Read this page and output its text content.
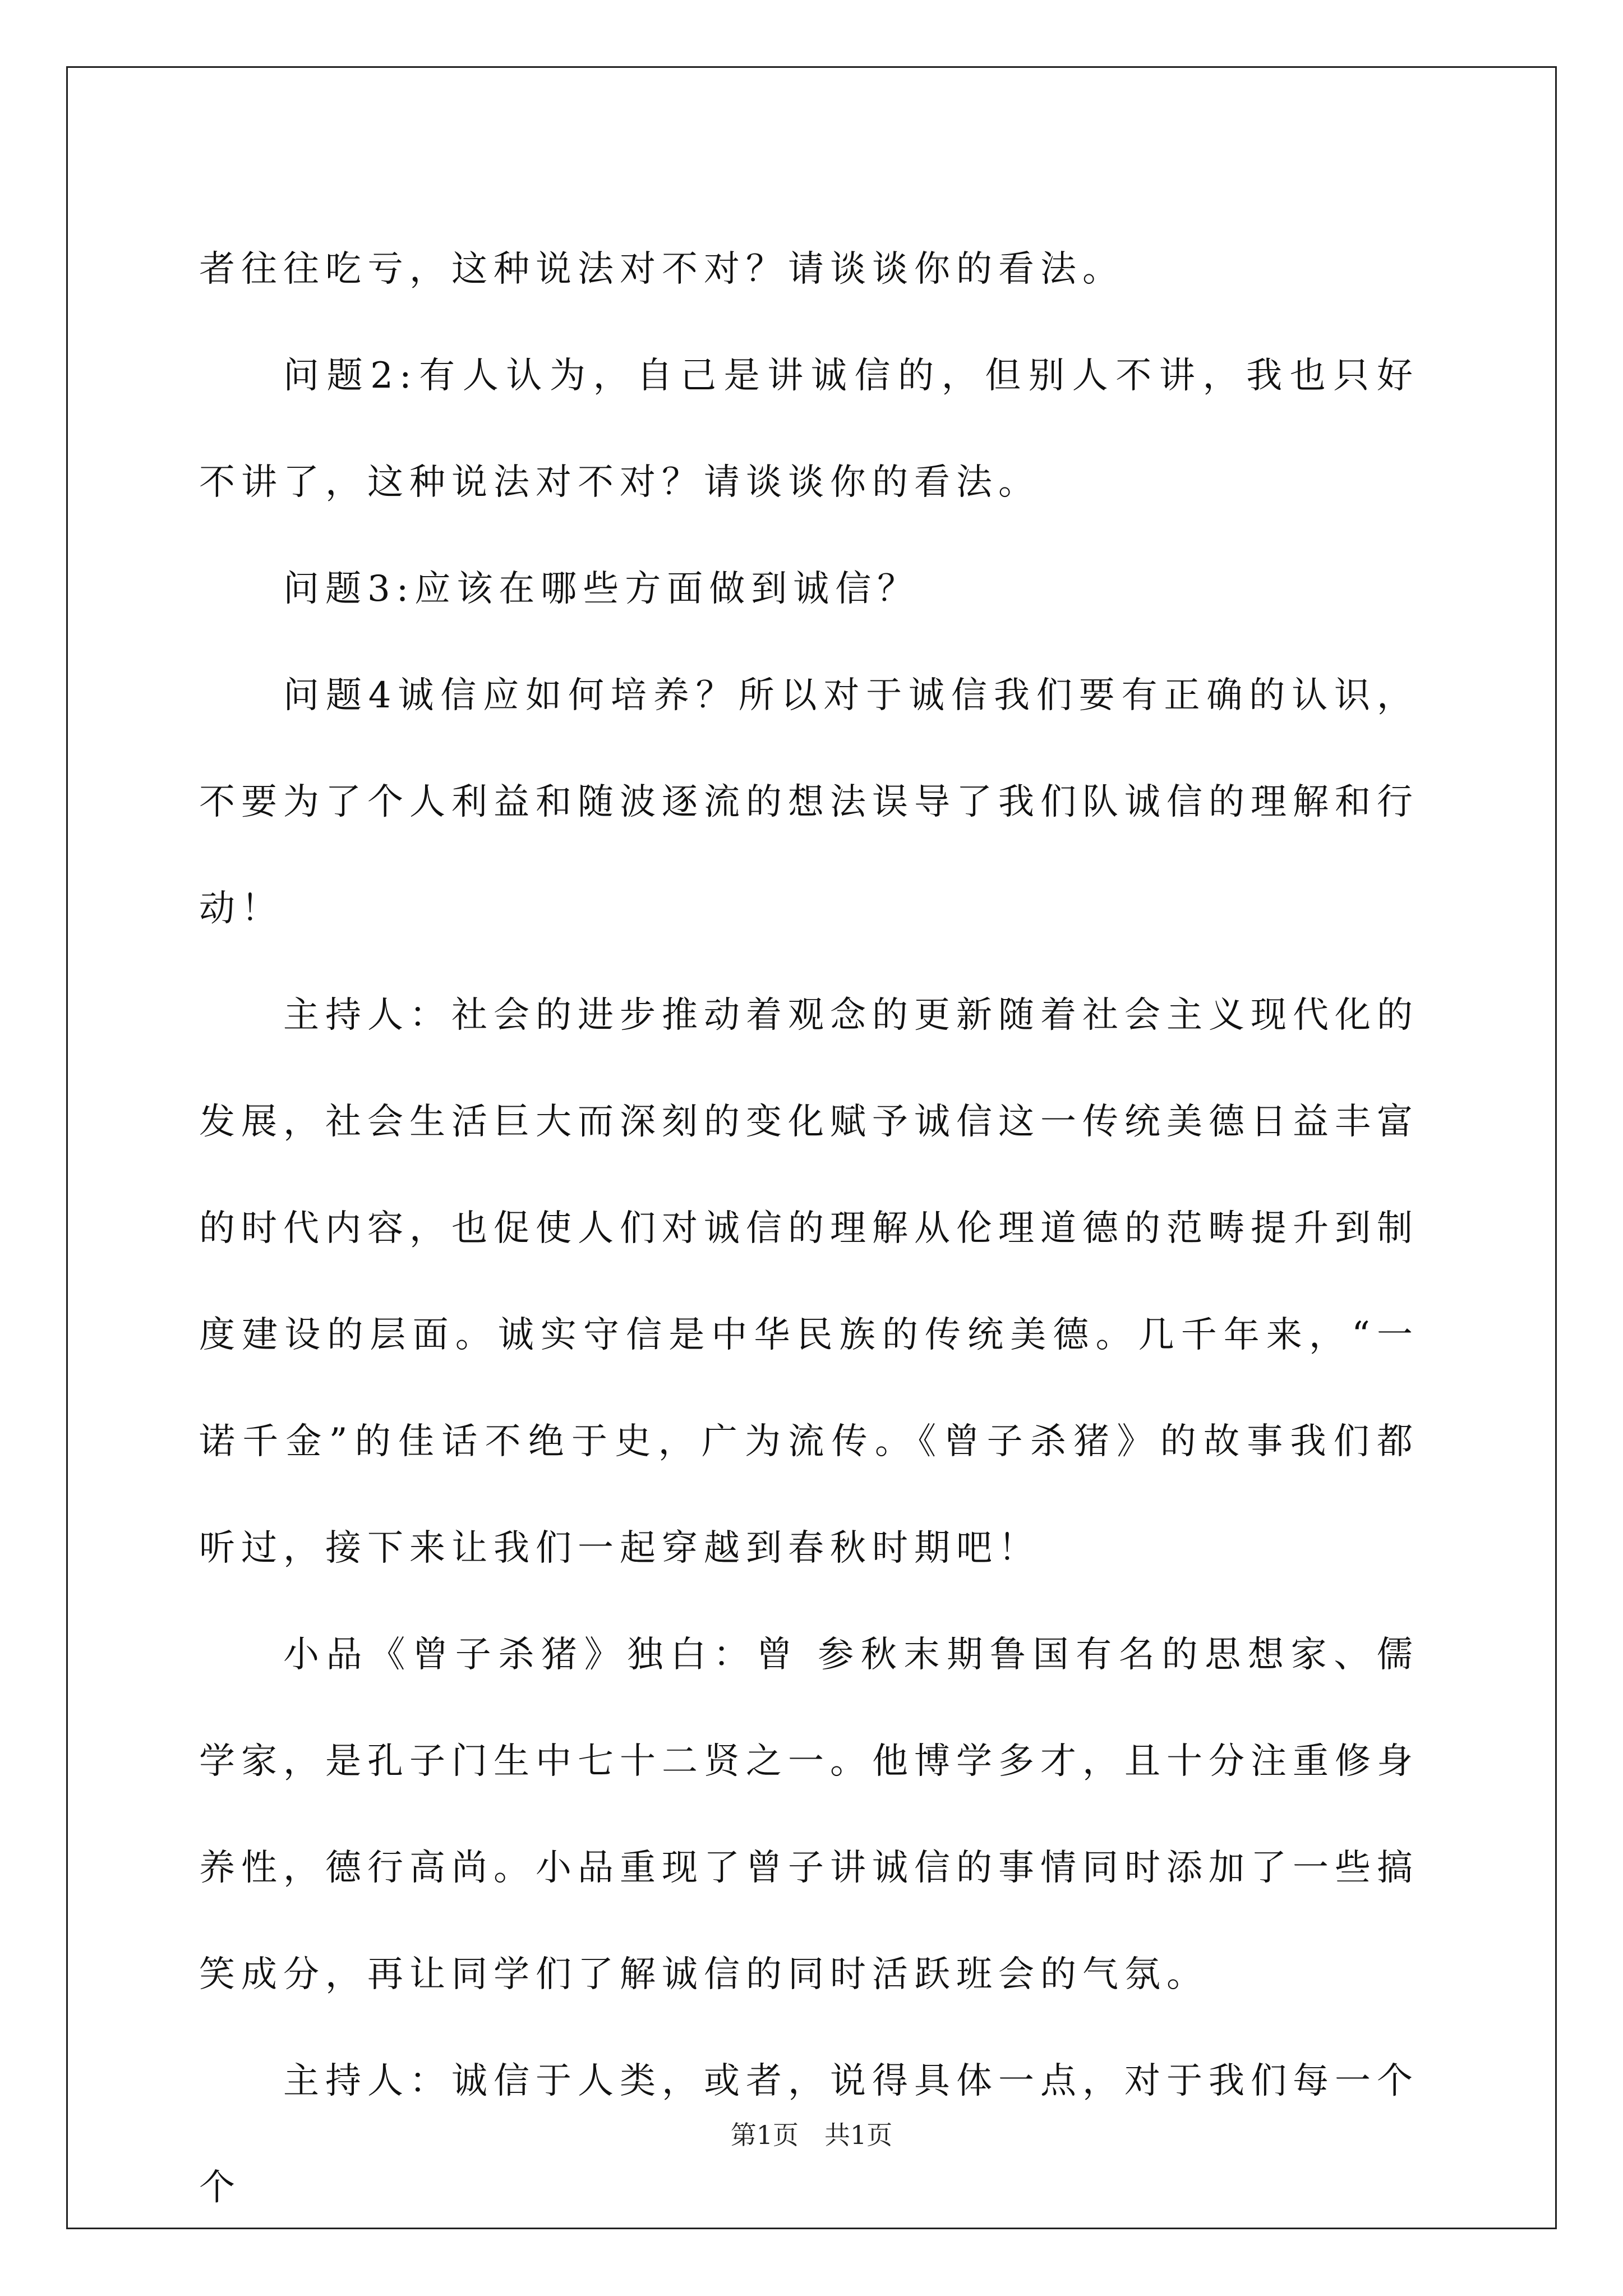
者往往吃亏，这种说法对不对？请谈谈你的看法。

问题2:有人认为，自己是讲诚信的，但别人不讲，我也只好不讲了，这种说法对不对？请谈谈你的看法。

问题3:应该在哪些方面做到诚信？

问题4诚信应如何培养？所以对于诚信我们要有正确的认识，不要为了个人利益和随波逐流的想法误导了我们队诚信的理解和行动！

主持人：社会的进步推动着观念的更新随着社会主义现代化的发展，社会生活巨大而深刻的变化赋予诚信这一传统美德日益丰富的时代内容，也促使人们对诚信的理解从伦理道德的范畴提升到制度建设的层面。诚实守信是中华民族的传统美德。几千年来，“一诺千金”的佳话不绝于史，广为流传。《曾子杀猪》的故事我们都听过，接下来让我们一起穿越到春秋时期吧！

小品《曾子杀猪》独白：曾 参秋末期鲁国有名的思想家、儒学家，是孔子门生中七十二贤之一。他博学多才，且十分注重修身养性，德行高尚。小品重现了曾子讲诚信的事情同时添加了一些搞笑成分，再让同学们了解诚信的同时活跃班会的气氛。

主持人：诚信于人类，或者，说得具体一点，对于我们每一个个

第1页　共1页
